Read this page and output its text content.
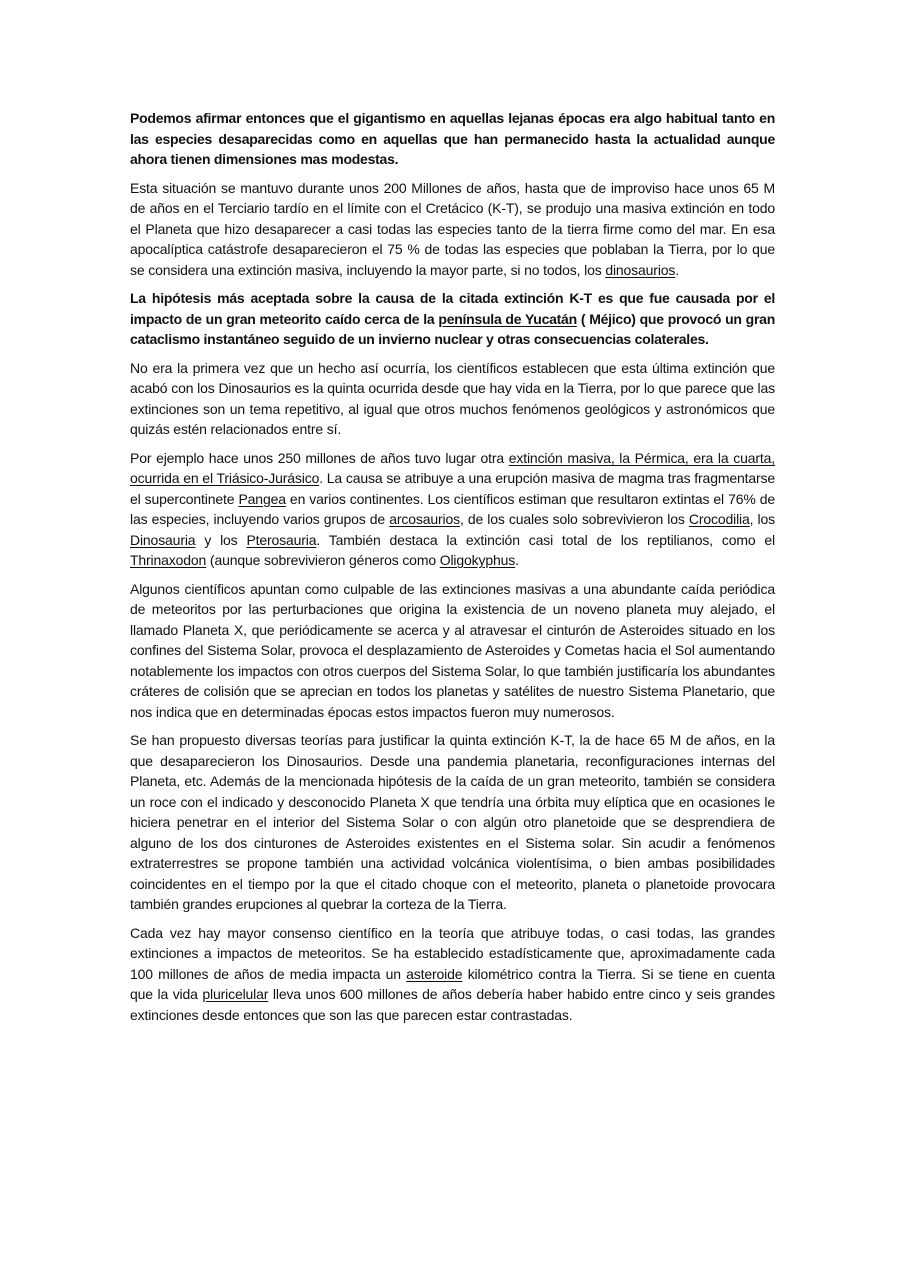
Podemos afirmar entonces que el gigantismo en aquellas lejanas épocas era algo habitual tanto en las especies desaparecidas como en aquellas que han permanecido hasta la actualidad aunque ahora tienen dimensiones mas modestas.

Esta situación se mantuvo durante unos 200 Millones de años, hasta que de improviso hace unos 65 M de años en el Terciario tardío en el límite con el Cretácico (K-T), se produjo una masiva extinción en todo el Planeta que hizo desaparecer a casi todas las especies tanto de la tierra firme como del mar. En esa apocalíptica catástrofe desaparecieron el 75 % de todas las especies que poblaban la Tierra, por lo que se considera una extinción masiva, incluyendo la mayor parte, si no todos, los dinosaurios.

La hipótesis más aceptada sobre la causa de la citada extinción K-T es que fue causada por el impacto de un gran meteorito caído cerca de la península de Yucatán ( Méjico) que provocó un gran cataclismo instantáneo seguido de un invierno nuclear y otras consecuencias colaterales.

No era la primera vez que un hecho así ocurría, los científicos establecen que esta última extinción que acabó con los Dinosaurios es la quinta ocurrida desde que hay vida en la Tierra, por lo que parece que las extinciones son un tema repetitivo, al igual que otros muchos fenómenos geológicos y astronómicos que quizás estén relacionados entre sí.

Por ejemplo hace unos 250 millones de años tuvo lugar otra extinción masiva, la Pérmica, era la cuarta, ocurrida en el Triásico-Jurásico. La causa se atribuye a una erupción masiva de magma tras fragmentarse el supercontinete Pangea en varios continentes. Los científicos estiman que resultaron extintas el 76% de las especies, incluyendo varios grupos de arcosaurios, de los cuales solo sobrevivieron los Crocodilia, los Dinosauria y los Pterosauria. También destaca la extinción casi total de los reptilianos, como el Thrinaxodon (aunque sobrevivieron géneros como Oligokyphus.

Algunos científicos apuntan como culpable de las extinciones masivas a una abundante caída periódica de meteoritos por las perturbaciones que origina la existencia de un noveno planeta muy alejado, el llamado Planeta X, que periódicamente se acerca y al atravesar el cinturón de Asteroides situado en los confines del Sistema Solar, provoca el desplazamiento de Asteroides y Cometas hacia el Sol aumentando notablemente los impactos con otros cuerpos del Sistema Solar, lo que también justificaría los abundantes cráteres de colisión que se aprecian en todos los planetas y satélites de nuestro Sistema Planetario, que nos indica que en determinadas épocas estos impactos fueron muy numerosos.

Se han propuesto diversas teorías para justificar la quinta extinción K-T, la de hace 65 M de años, en la que desaparecieron los Dinosaurios. Desde una pandemia planetaria, reconfiguraciones internas del Planeta, etc. Además de la mencionada hipótesis de la caída de un gran meteorito, también se considera un roce con el indicado y desconocido Planeta X que tendría una órbita muy elíptica que en ocasiones le hiciera penetrar en el interior del Sistema Solar o con algún otro planetoide que se desprendiera de alguno de los dos cinturones de Asteroides existentes en el Sistema solar. Sin acudir a fenómenos extraterrestres se propone también una actividad volcánica violentísima, o bien ambas posibilidades coincidentes en el tiempo por la que el citado choque con el meteorito, planeta o planetoide provocara también grandes erupciones al quebrar la corteza de la Tierra.

Cada vez hay mayor consenso científico en la teoría que atribuye todas, o casi todas, las grandes extinciones a impactos de meteoritos. Se ha establecido estadísticamente que, aproximadamente cada 100 millones de años de media impacta un asteroide kilométrico contra la Tierra. Si se tiene en cuenta que la vida pluricelular lleva unos 600 millones de años debería haber habido entre cinco y seis grandes extinciones desde entonces que son las que parecen estar contrastadas.
